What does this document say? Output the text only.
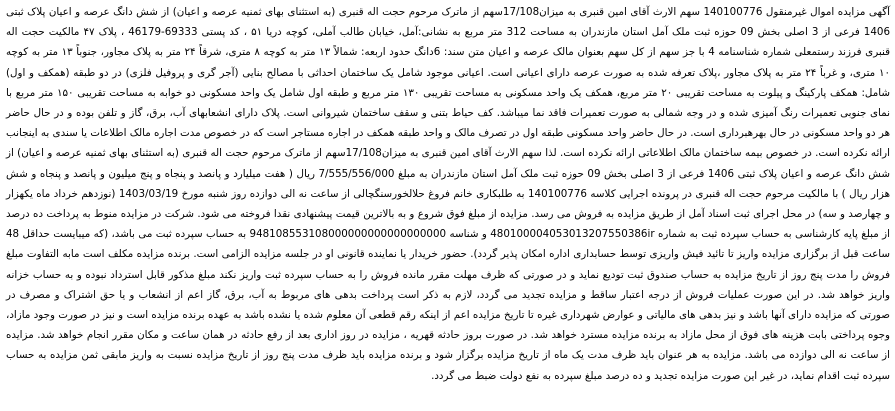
آگهی مزایده اموال غیرمنقول 140100776 سهم الارث آقای امین قنبری به میزان17/108سهم از ماترک مرحوم حجت اله قنبری (به استثنای بهای ثمنیه عرصه و اعیان) از شش دانگ عرصه و اعیان پلاک ثبتی 1406 فرعی از 3 اصلی بخش 09 حوزه ثبت ملک آمل استان مازندران به مساحت 312 متر مربع به نشانی:آمل، خیابان طالب آملی، کوچه دریا ۵۱ ، کد پستی 69333-46179 ، پلاک ۴۷ مالکیت حجت اله قنبری فرزند رستمعلی شماره شناسنامه 4 با جز سهم از کل سهم بعنوان مالک عرصه و اعیان متن سند: 6دانگ حدود اربعه: شمالاً ۱۳ متر به کوچه ۸ متری، شرقاً ۲۴ متر به پلاک مجاور، جنوباً ۱۳ متر به کوچه ۱۰ متری، و غرباً ۲۴ متر به پلاک مجاور ،پلاک تعرفه شده به صورت عرصه دارای اعیانی است. اعیانی موجود شامل یک ساختمان احداثی با مصالح بنایی (آجر گری و پروفیل فلزی) در دو طبقه (همکف و اول) شامل: همکف پارکینگ و پیلوت به مساحت تقریبی ۲۰ متر مربع، همکف یک واحد مسکونی به مساحت تقریبی ۱۳۰ متر مربع و طبقه اول شامل یک واحد مسکونی دو خوابه به مساحت تقریبی ۱۵۰ متر مربع با نمای جنوبی تعمیرات رنگ آمیزی شده و در وجه شمالی به صورت تعمیرات فاقد نما میباشد. کف حیاط بتنی و سقف ساختمان شیروانی است. پلاک دارای انشعابهای آب، برق، گاز و تلفن بوده و در حال حاضر هر دو واحد مسکونی در حال بهرهبرداری است. در حال حاضر واحد مسکونی طبقه اول در تصرف مالک و واحد طبقه همکف در اجاره مستاجر است که در خصوص مدت اجاره مالک اطلاعات یا سندی به اینجانب ارائه نکرده است. در خصوص بیمه ساختمان مالک اطلاعاتی ارائه نکرده است. لذا سهم الارث آقای امین قنبری به میزان17/108سهم از ماترک مرحوم حجت اله قنبری (به استثنای بهای ثمنیه عرصه و اعیان) از شش دانگ عرصه و اعیان پلاک ثبتی 1406 فرعی از 3 اصلی بخش 09 حوزه ثبت ملک آمل استان مازندران به مبلغ 7/555/556/000 ریال ( هفت میلیارد و پانصد و پنجاه و پنج میلیون و پانصد و پنجاه و شش هزار ریال ) با مالکیت مرحوم حجت اله قنبری در پرونده اجرایی کلاسه 140100776 به طلبکاری خانم فروغ حلالخورسنگچالی از ساعت نه الی دوازده روز شنبه مورخ 1403/03/19 (نوزدهم خرداد ماه یکهزار و چهارصد و سه) در محل اجرای ثبت اسناد آمل از طریق مزایده به فروش می رسد. مزایده از مبلغ فوق شروع و به بالاترین قیمت پیشنهادی نقدا فروخته می شود. شرکت در مزایده منوط به پرداخت ده درصد از مبلغ پایه کارشناسی به حساب سپرده ثبت به شماره 480100004053013207550386ir و شناسه 948108553108000000000000000000 به حساب سپرده ثبت می باشد، (که میبایست حداقل 48 ساعت قبل از برگزاری مزایده واریز تا تائید فیش واریزی توسط حسابداری اداره امکان پذیر گردد). حضور خریدار یا نماینده قانونی او در جلسه مزایده الزامی است. برنده مزایده مکلف است مابه التفاوت مبلغ فروش را مدت پنج روز از تاریخ مزایده به حساب صندوق ثبت تودیع نماید و در صورتی که ظرف مهلت مقرر مانده فروش را به حساب سپرده ثبت واریز نکند مبلغ مذکور قابل استرداد نبوده و به حساب خزانه واریز خواهد شد. در این صورت عملیات فروش از درجه اعتبار ساقط و مزایده تجدید می گردد، لازم به ذکر است پرداخت بدهی های مربوط به آب، برق، گاز اعم از انشعاب و یا حق اشتراک و مصرف در صورتی که مزایده دارای آنها باشد و نیز بدهی های مالیاتی و عوارض شهرداری غیره تا تاریخ مزایده اعم از اینکه رقم قطعی آن معلوم شده یا نشده باشد به عهده برنده مزایده است و نیز در صورت وجود مازاد، وجوه پرداختی بابت هزینه های فوق از محل مازاد به برنده مزایده مسترد خواهد شد. در صورت بروز حادثه قهریه ، مزایده در روز اداری بعد از رفع حادثه در همان ساعت و مکان مقرر انجام خواهد شد. مزایده از ساعت نه الی دوازده می باشد. مزایده به هر عنوان باید ظرف مدت یک ماه از تاریخ مزایده برگزار شود و برنده مزایده باید ظرف مدت پنج روز از تاریخ مزایده نسبت به واریز مابقی ثمن مزایده به حساب سپرده ثبت اقدام نماید، در غیر این صورت مزایده تجدید و ده درصد مبلغ سپرده به نفع دولت ضبط می گردد.
